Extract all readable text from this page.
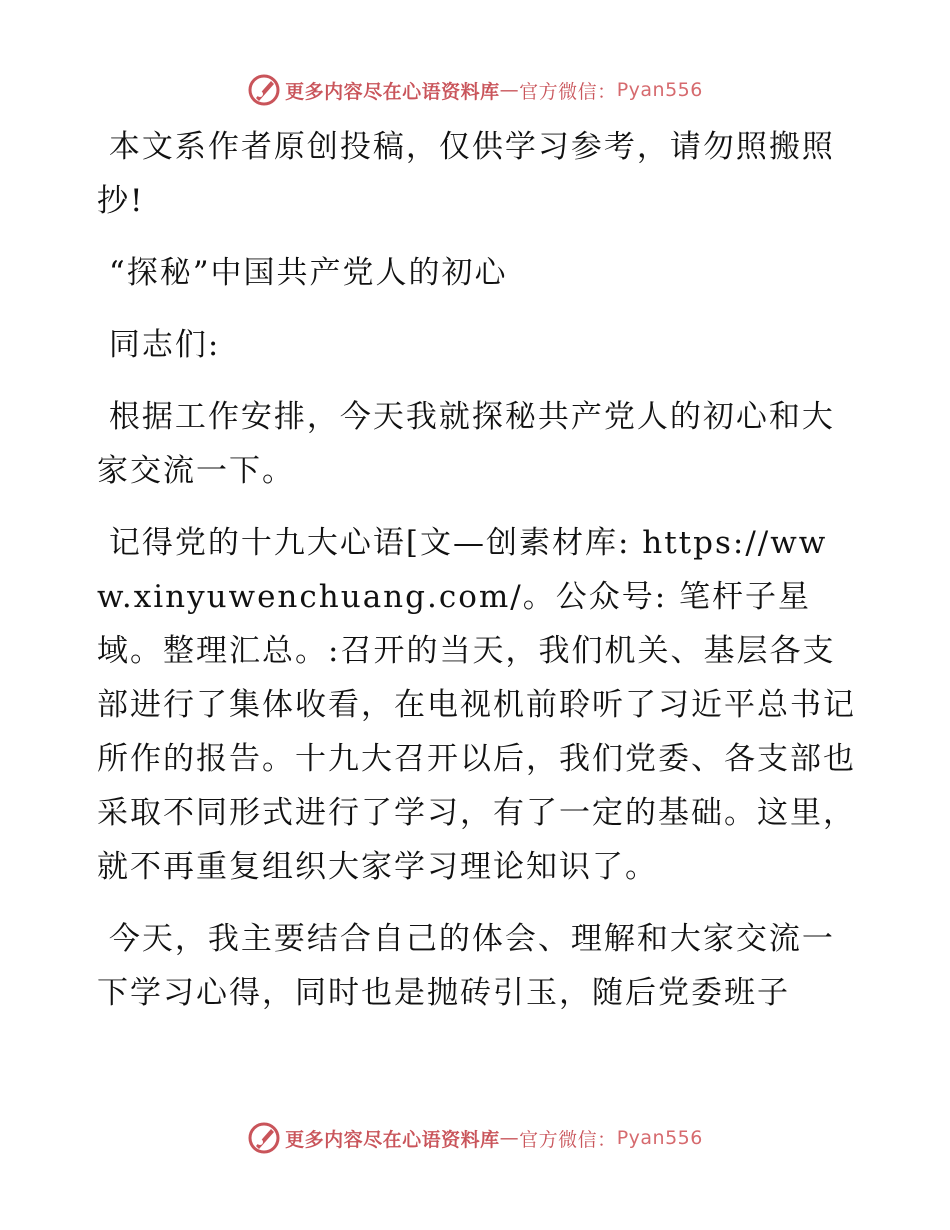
更多内容尽在心语资料库 — 官方微信： Pyan556

本文系作者原创投稿，仅供学习参考，请勿照搬照抄!

“探秘”中国共产党人的初心

同志们:

根据工作安排，今天我就探秘共产党人的初心和大家交流一下。

记得党的十九大心语[文—创素材库: https://www.xinyuwenchuang.com/。公众号: 笔杆子星域。整理汇总。:召开的当天，我们机关、基层各支部进行了集体收看，在电视机前聆听了习近平总书记所作的报告。十九大召开以后，我们党委、各支部也采取不同形式进行了学习，有了一定的基础。这里，就不再重复组织大家学习理论知识了。

今天，我主要结合自己的体会、理解和大家交流一下学习心得，同时也是抛砖引玉，随后党委班子

更多内容尽在心语资料库 — 官方微信： Pyan556
